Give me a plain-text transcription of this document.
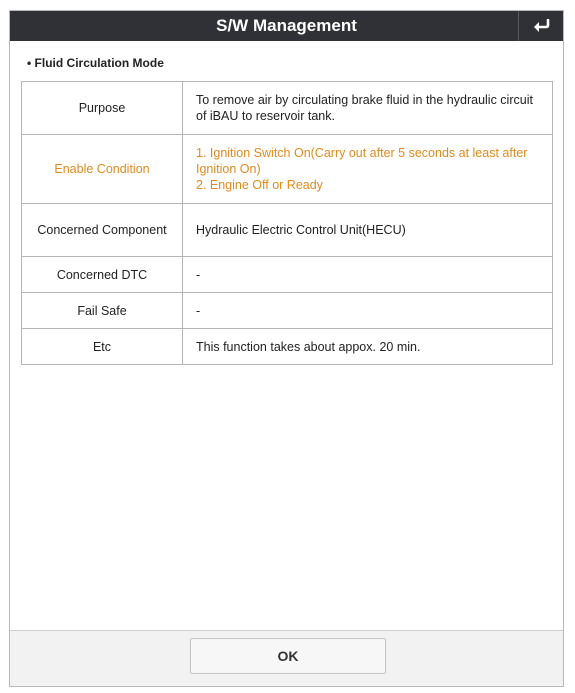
S/W Management
• Fluid Circulation Mode
Purpose	To remove air by circulating brake fluid in the hydraulic circuit of iBAU to reservoir tank.

Enable Condition	1. Ignition Switch On(Carry out after 5 seconds at least after Ignition On)
2. Engine Off or Ready

Concerned Component	Hydraulic Electric Control Unit(HECU)

Concerned DTC	-

Fail Safe	-

Etc	This function takes about appox. 20 min.
OK
